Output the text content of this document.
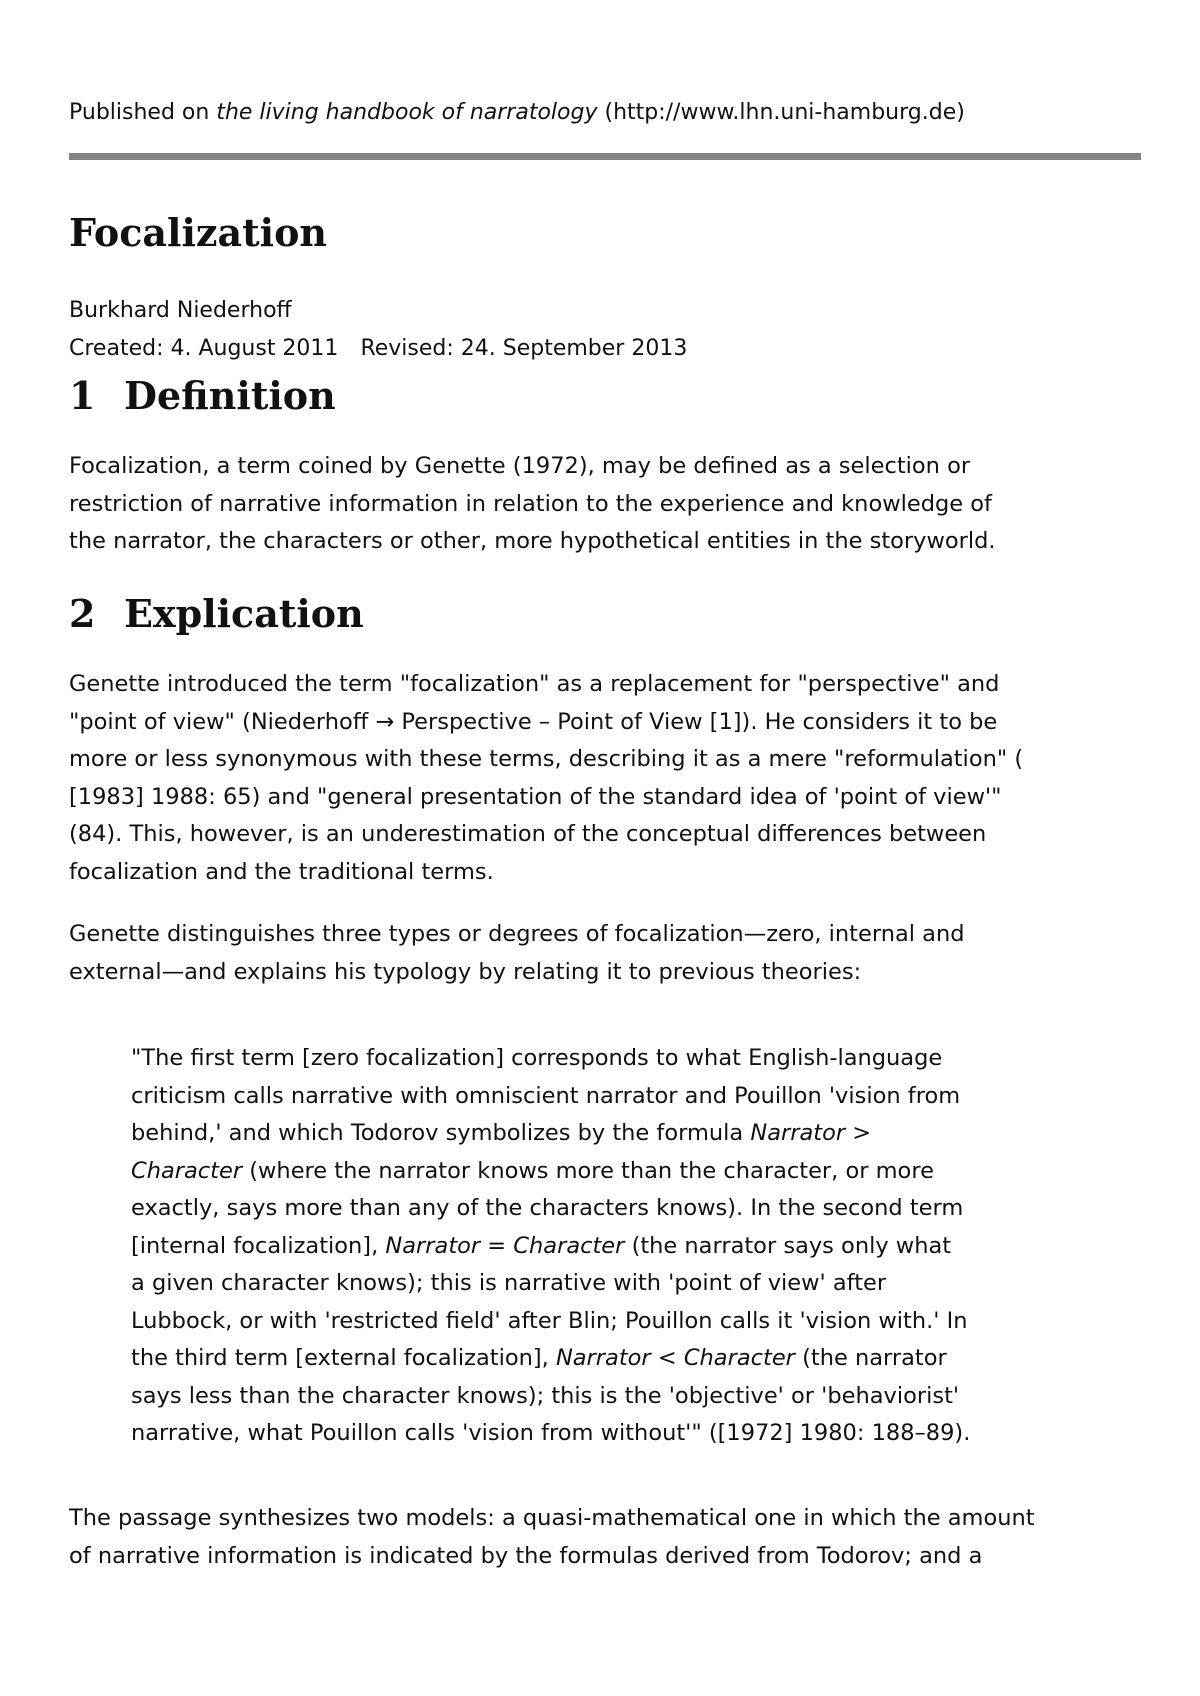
Published on the living handbook of narratology (http://www.lhn.uni-hamburg.de)
Focalization
Burkhard Niederhoff
Created: 4. August 2011 Revised: 24. September 2013
1 Definition

Focalization, a term coined by Genette (1972), may be defined as a selection or
restriction of narrative information in relation to the experience and knowledge of
the narrator, the characters or other, more hypothetical entities in the storyworld.

2 Explication

Genette introduced the term "focalization" as a replacement for "perspective" and
"point of view" (Niederhoff → Perspective – Point of View [1]). He considers it to be
more or less synonymous with these terms, describing it as a mere "reformulation" (
[1983] 1988: 65) and "general presentation of the standard idea of 'point of view'"
(84). This, however, is an underestimation of the conceptual differences between
focalization and the traditional terms.

Genette distinguishes three types or degrees of focalization—zero, internal and
external—and explains his typology by relating it to previous theories:

"The first term [zero focalization] corresponds to what English-language
criticism calls narrative with omniscient narrator and Pouillon 'vision from
behind,' and which Todorov symbolizes by the formula Narrator >
Character (where the narrator knows more than the character, or more
exactly, says more than any of the characters knows). In the second term
[internal focalization], Narrator = Character (the narrator says only what
a given character knows); this is narrative with 'point of view' after
Lubbock, or with 'restricted field' after Blin; Pouillon calls it 'vision with.' In
the third term [external focalization], Narrator < Character (the narrator
says less than the character knows); this is the 'objective' or 'behaviorist'
narrative, what Pouillon calls 'vision from without'" ([1972] 1980: 188–89).

The passage synthesizes two models: a quasi-mathematical one in which the amount
of narrative information is indicated by the formulas derived from Todorov; and a
